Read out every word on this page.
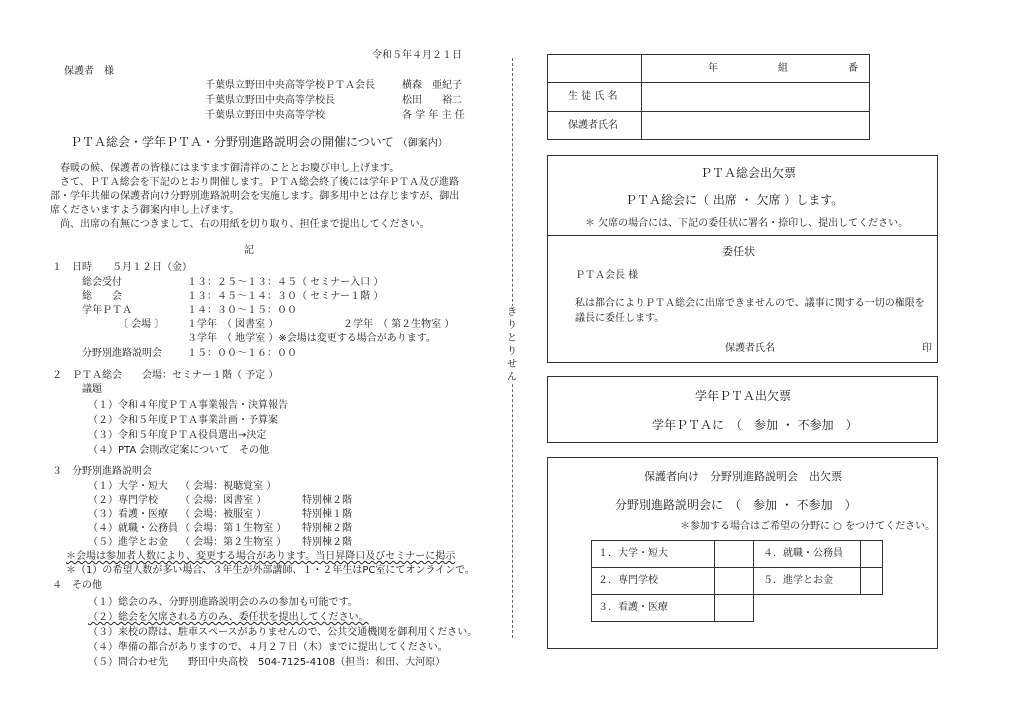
令和５年４月２１日
保護者　様
千葉県立野田中央高等学校ＰＴＡ会長	横森　亜紀子
千葉県立野田中央高等学校長	松田　　裕二
千葉県立野田中央高等学校	各 学 年 主 任
ＰＴＡ総会・学年ＰＴＡ・分野別進路説明会の開催について （御案内）
春暖の候、保護者の皆様にはますます御清祥のこととお慶び申し上げます。
さて、ＰＴＡ総会を下記のとおり開催します。ＰＴＡ総会終了後には学年ＰＴＡ及び進路
部・学年共催の保護者向け分野別進路説明会を実施します。御多用中とは存じますが、御出
席くださいますよう御案内申し上げます。
尚、出席の有無につきまして、右の用紙を切り取り、担任まで提出してください。
記
１　日時　　５月１２日（金）
総会受付	１３：２５～１３：４５（ セミナー入口 ）
総　　会	１３：４５～１４：３０（ セミナー１階 ）
学年ＰＴＡ	１４：３０～１５：００
〔 会場 〕 １学年　（ 図書室 ）	２学年　（ 第２生物室 ）
３学年　（ 地学室 ）※会場は変更する場合があります。
分野別進路説明会	１５：００～１６：００
２　ＰＴＡ総会　　会場：セミナー１階（ 予定 ）
議題
（１）令和４年度ＰＴＡ事業報告・決算報告
（２）令和５年度ＰＴＡ事業計画・予算案
（３）令和５年度ＰＴＡ役員選出→決定
（４）PTA 会則改定案について　その他
３　分野別進路説明会
（１）大学・短大 （ 会場：視聴覚室 ）
（２）専門学校 （ 会場：図書室 ）	特別棟２階
（３）看護・医療 （ 会場：被服室 ）	特別棟１階
（４）就職・公務員 （ 会場：第１生物室 ） 特別棟２階
（５）進学とお金 （ 会場：第２生物室 ） 特別棟２階
＊会場は参加者人数により、変更する場合があります。当日昇降口及びセミナーに掲示
＊（1）の希望人数が多い場合、３年生が外部講師、１・２年生はPC室にてオンラインで。
４　その他
（１）総会のみ、分野別進路説明会のみの参加も可能です。
（２）総会を欠席される方のみ、委任状を提出してください。
（３）来校の際は、駐車スペースがありませんので、公共交通機関を御利用ください。
（４）準備の都合がありますので、４月２７日（木）までに提出してください。
（５）問合わせ先　　野田中央高校　504-7125-4108（担当：和田、大河原）
き
り
と
り
せ
ん
年　　　　　　組　　　　　　番
生 徒 氏 名
保護者氏名
ＰＴＡ総会出欠票
ＰＴＡ総会に（ 出席 ・ 欠席 ）します。
＊ 欠席の場合には、下記の委任状に署名・捺印し、提出してください。
委任状
ＰＴＡ会長 様
私は都合によりＰＴＡ総会に出席できませんので、議事に関する一切の権限を
議長に委任します。
保護者氏名	印
学年ＰＴＡ出欠票
学年ＰＴＡに　（　参加 ・ 不参加　）
保護者向け　分野別進路説明会　出欠票
分野別進路説明会に　（　参加 ・ 不参加　）
＊参加する場合はご希望の分野に ○ をつけてください。
１．大学・短大	４．就職・公務員
２．専門学校	５．進学とお金
３．看護・医療
